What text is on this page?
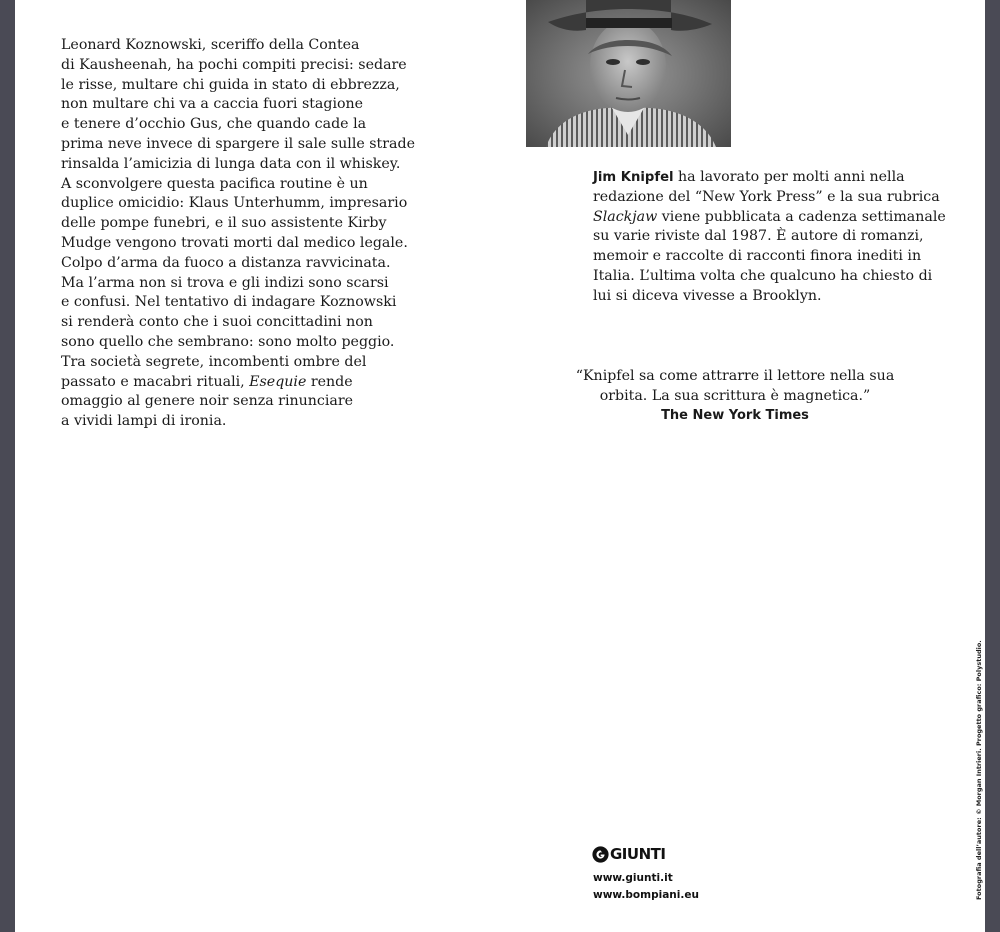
Leonard Koznowski, sceriffo della Contea
di Kausheenah, ha pochi compiti precisi: sedare
le risse, multare chi guida in stato di ebbrezza,
non multare chi va a caccia fuori stagione
e tenere d’occhio Gus, che quando cade la
prima neve invece di spargere il sale sulle strade
rinsalda l’amicizia di lunga data con il whiskey.
A sconvolgere questa pacifica routine è un
duplice omicidio: Klaus Unterhumm, impresario
delle pompe funebri, e il suo assistente Kirby
Mudge vengono trovati morti dal medico legale.
Colpo d’arma da fuoco a distanza ravvicinata.
Ma l’arma non si trova e gli indizi sono scarsi
e confusi. Nel tentativo di indagare Koznowski
si renderà conto che i suoi concittadini non
sono quello che sembrano: sono molto peggio.
Tra società segrete, incombenti ombre del
passato e macabri rituali, Esequie rende
omaggio al genere noir senza rinunciare
a vividi lampi di ironia.

Jim Knipfel ha lavorato per molti anni nella redazione del “New York Press” e la sua rubrica Slackjaw viene pubblicata a cadenza settimanale su varie riviste dal 1987. È autore di romanzi, memoir e raccolte di racconti finora inediti in Italia. L’ultima volta che qualcuno ha chiesto di lui si diceva vivesse a Brooklyn.

“Knipfel sa come attrarre il lettore nella sua orbita. La sua scrittura è magnetica.”
The New York Times

GIUNTI
www.giunti.it
www.bompiani.eu	Fotografia dell’autore: © Morgan Intrieri. Progetto grafico: Polystudio.
